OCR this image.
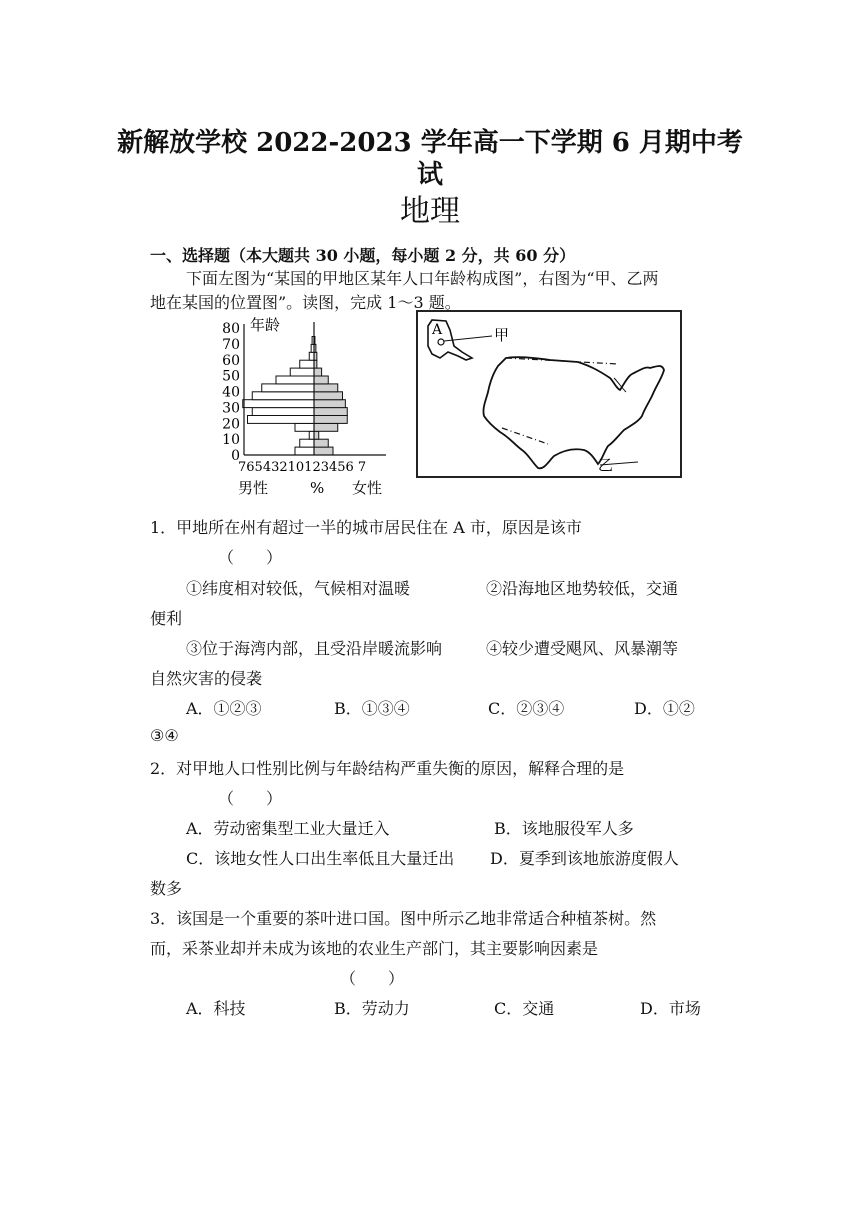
新解放学校 2022-2023 学年高一下学期 6 月期中考
试
地理
一、选择题（本大题共 30 小题，每小题 2 分，共 60 分）
下面左图为“某国的甲地区某年人口年龄构成图”，右图为“甲、乙两
地在某国的位置图”。读图，完成 1～3 题。
80
70
60
50
40
30
20
10
0
年龄
76543210123456 7
男性	% 女性
A	甲
乙
1．甲地所在州有超过一半的城市居民住在 A 市，原因是该市
（　　）
①纬度相对较低，气候相对温暖	②沿海地区地势较低，交通
便利
③位于海湾内部，且受沿岸暖流影响	④较少遭受飓风、风暴潮等
自然灾害的侵袭
A．①②③	B．①③④	C．②③④	D．①②
③④
2．对甲地人口性别比例与年龄结构严重失衡的原因，解释合理的是
（　　）
A．劳动密集型工业大量迁入	B．该地服役军人多
C．该地女性人口出生率低且大量迁出 D．夏季到该地旅游度假人
数多
3．该国是一个重要的茶叶进口国。图中所示乙地非常适合种植茶树。然
而，采茶业却并未成为该地的农业生产部门，其主要影响因素是
（　　）
A．科技	B．劳动力	C．交通	D．市场
